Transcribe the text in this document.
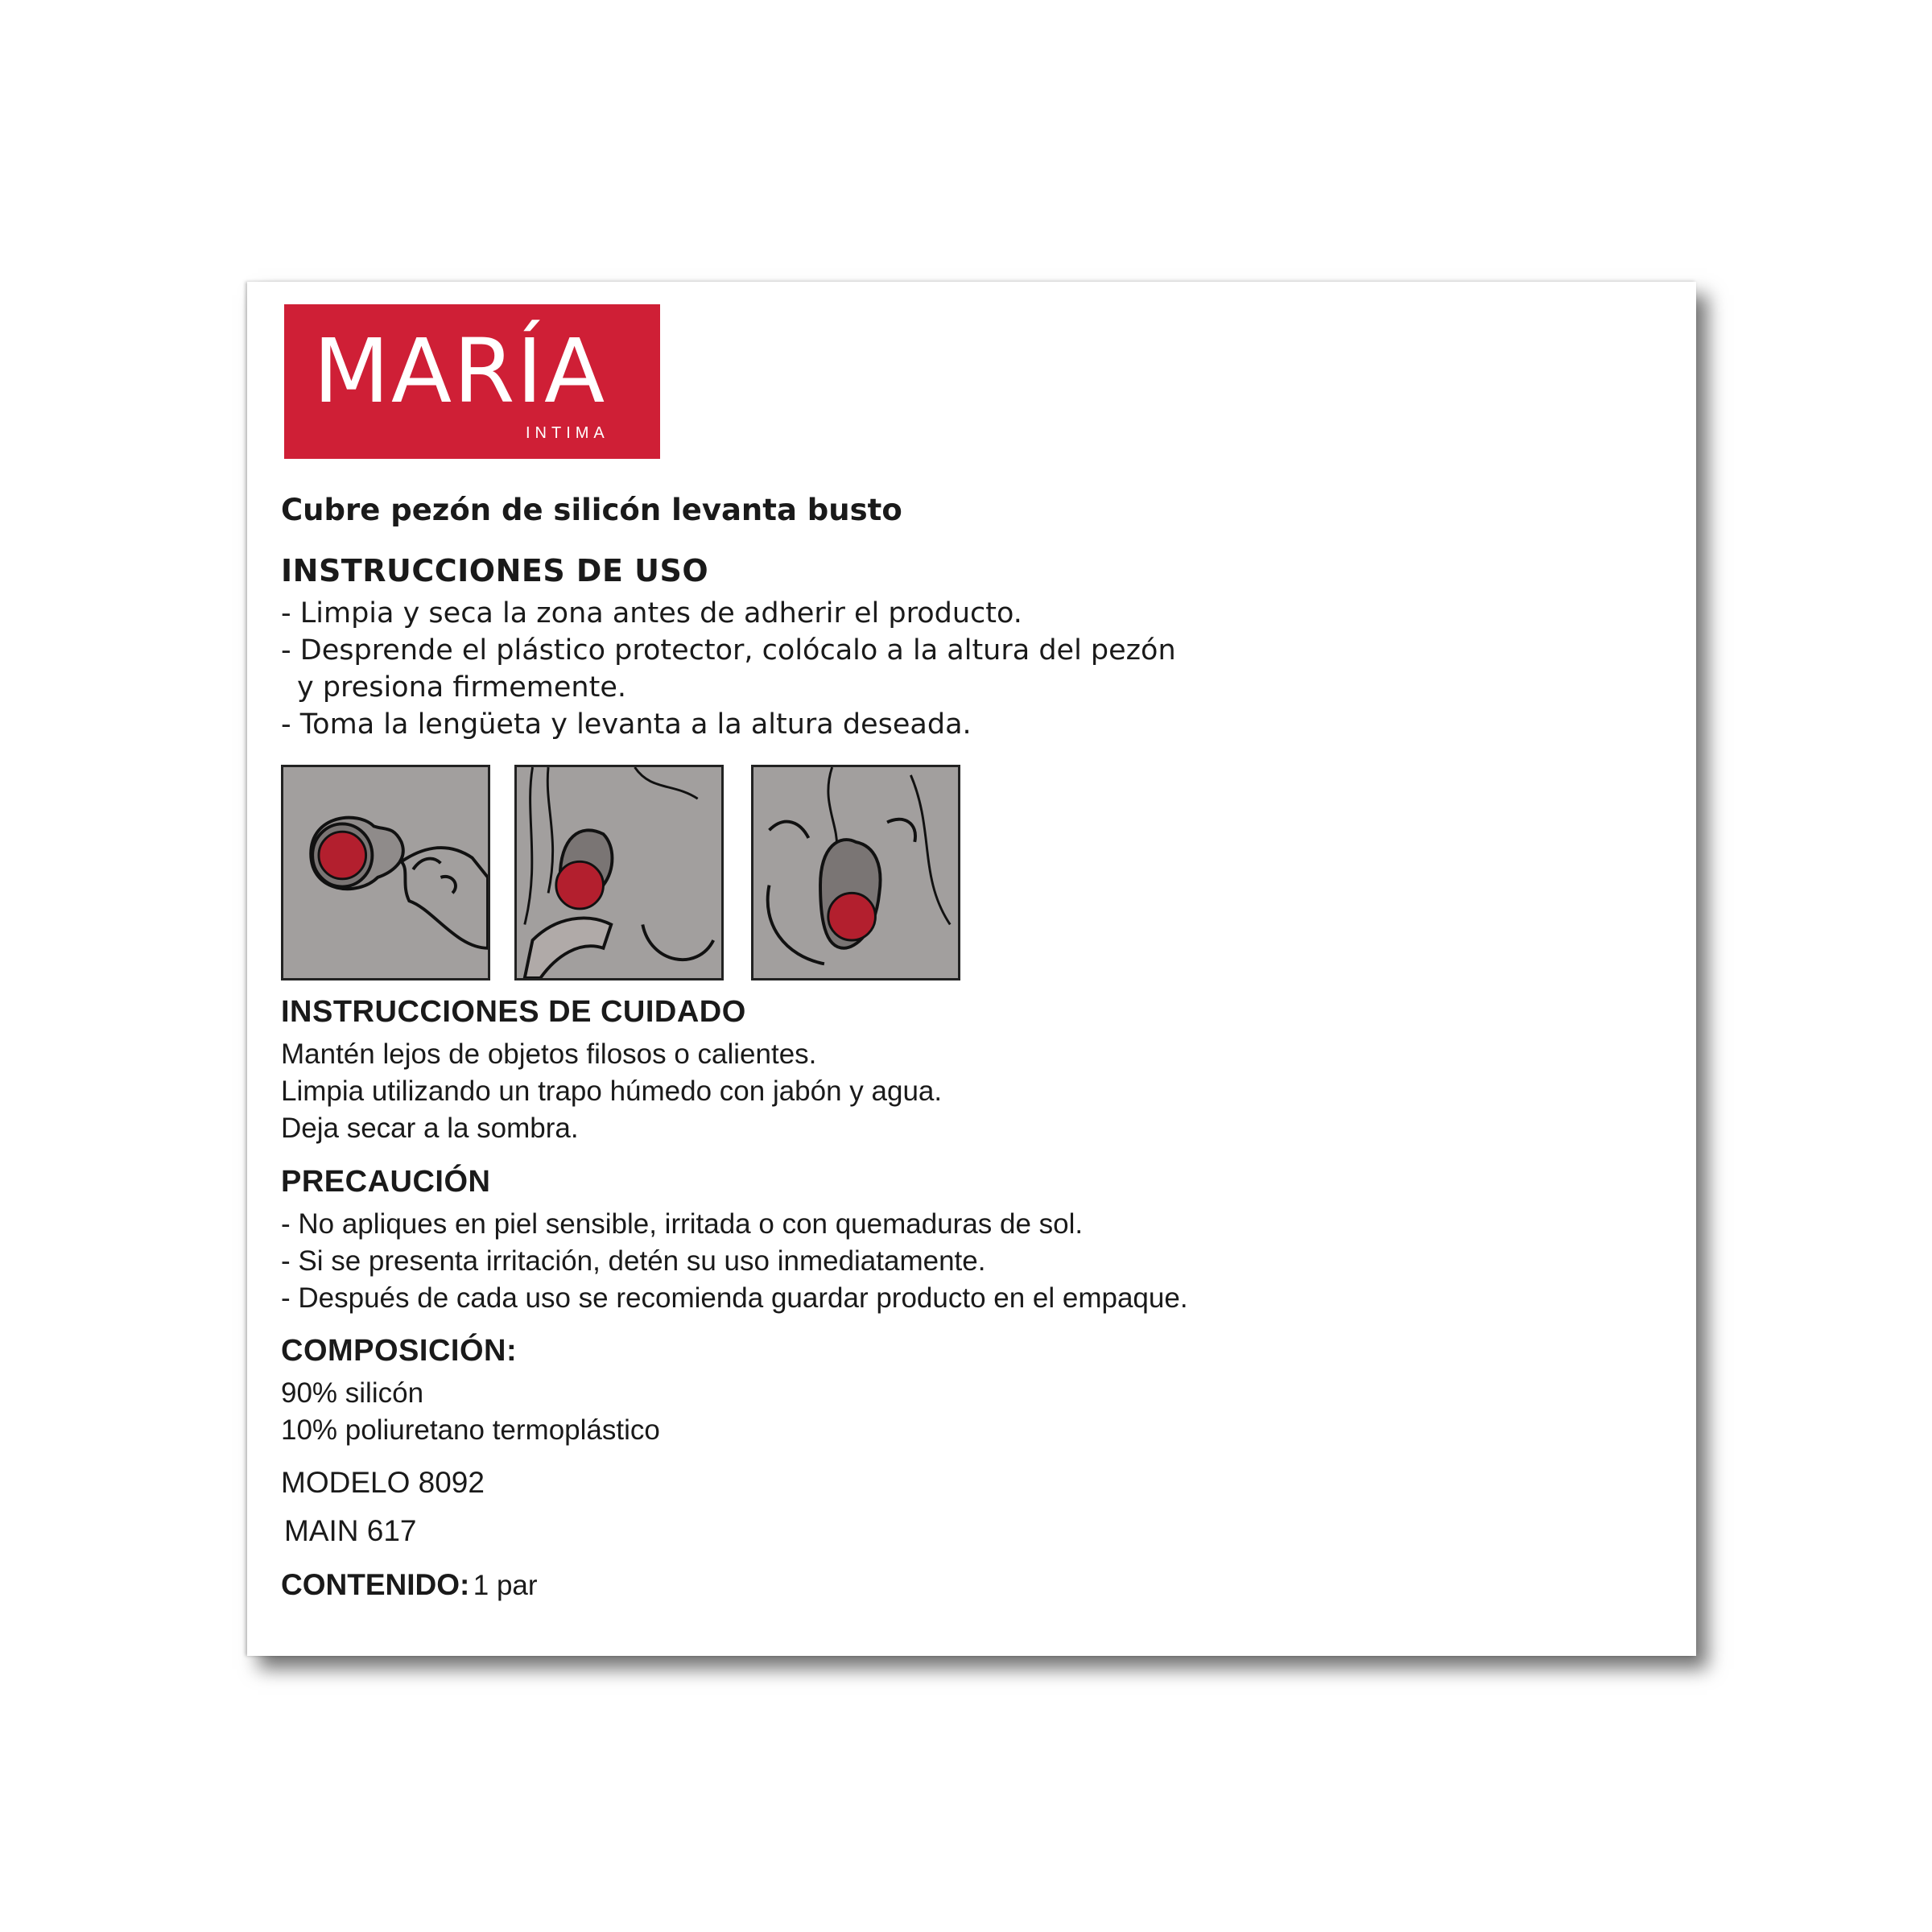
MARÍA
INTIMA

Cubre pezón de silicón levanta busto

INSTRUCCIONES DE USO

- Limpia y seca la zona antes de adherir el producto.

- Desprende el plástico protector, colócalo a la altura del pezón

y presiona firmemente.

- Toma la lengüeta y levanta a la altura deseada.

INSTRUCCIONES DE CUIDADO

Mantén lejos de objetos filosos o calientes.

Limpia utilizando un trapo húmedo con jabón y agua.

Deja secar a la sombra.

PRECAUCIÓN

- No apliques en piel sensible, irritada o con quemaduras de sol.

- Si se presenta irritación, detén su uso inmediatamente.

- Después de cada uso se recomienda guardar producto en el empaque.

COMPOSICIÓN:

90% silicón

10% poliuretano termoplástico

MODELO 8092

MAIN 617

CONTENIDO: 1 par
